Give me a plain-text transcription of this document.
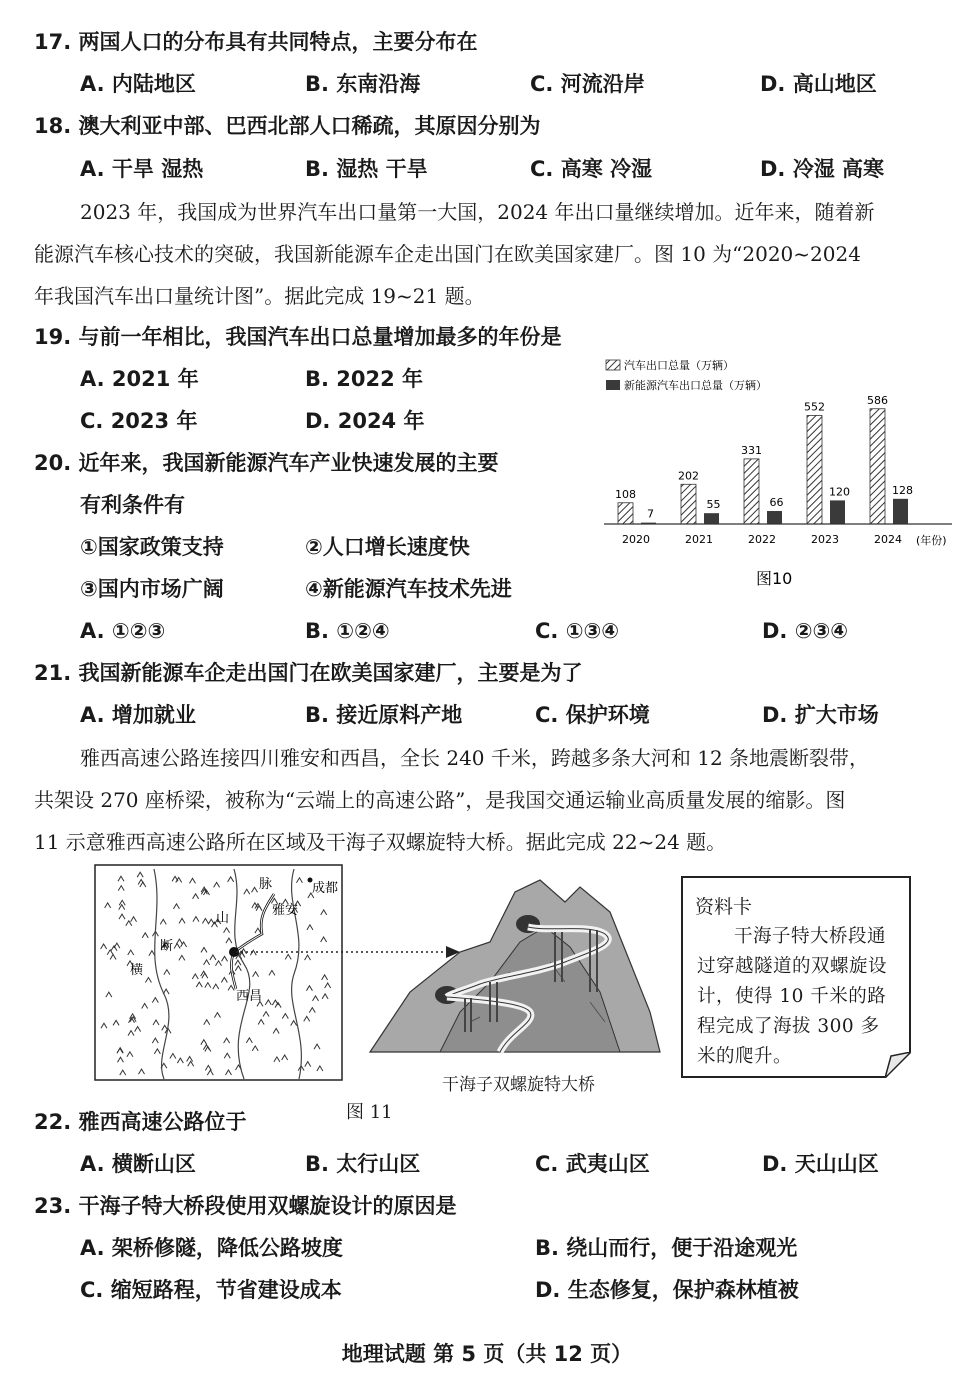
17. 两国人口的分布具有共同特点，主要分布在
A. 内陆地区	B. 东南沿海	C. 河流沿岸	D. 高山地区
18. 澳大利亚中部、巴西北部人口稀疏，其原因分别为
A. 干旱 湿热	B. 湿热 干旱	C. 高寒 冷湿	D. 冷湿 高寒
2023 年，我国成为世界汽车出口量第一大国，2024 年出口量继续增加。近年来，随着新
能源汽车核心技术的突破，我国新能源车企走出国门在欧美国家建厂。图 10 为“2020~2024
年我国汽车出口量统计图”。据此完成 19~21 题。
19. 与前一年相比，我国汽车出口总量增加最多的年份是
A. 2021 年	B. 2022 年
C. 2023 年	D. 2024 年
汽车出口总量（万辆）
新能源汽车出口总量（万辆）
108
7
2020
202
55
2021
331
66
2022
552
120
2023
586
128
2024 (年份)
图10
20. 近年来，我国新能源汽车产业快速发展的主要
有利条件有
①国家政策支持	②人口增长速度快
③国内市场广阔	④新能源汽车技术先进
A. ①②③	B. ①②④	C. ①③④	D. ②③④
21. 我国新能源车企走出国门在欧美国家建厂，主要是为了
A. 增加就业	B. 接近原料产地	C. 保护环境	D. 扩大市场
雅西高速公路连接四川雅安和西昌，全长 240 千米，跨越多条大河和 12 条地震断裂带，
共架设 270 座桥梁，被称为“云端上的高速公路”，是我国交通运输业高质量发展的缩影。图
11 示意雅西高速公路所在区域及干海子双螺旋特大桥。据此完成 22~24 题。
脉	成都
雅安
山
断
横
西昌
干海子双螺旋特大桥
资料卡
干海子特大桥段通过穿越隧道的双螺旋设计，使得 10 千米的路程完成了海拔 300 多米的爬升。
图 11
22. 雅西高速公路位于
A. 横断山区	B. 太行山区	C. 武夷山区	D. 天山山区
23. 干海子特大桥段使用双螺旋设计的原因是
A. 架桥修隧，降低公路坡度	B. 绕山而行，便于沿途观光
C. 缩短路程，节省建设成本	D. 生态修复，保护森林植被
地理试题 第 5 页（共 12 页）
